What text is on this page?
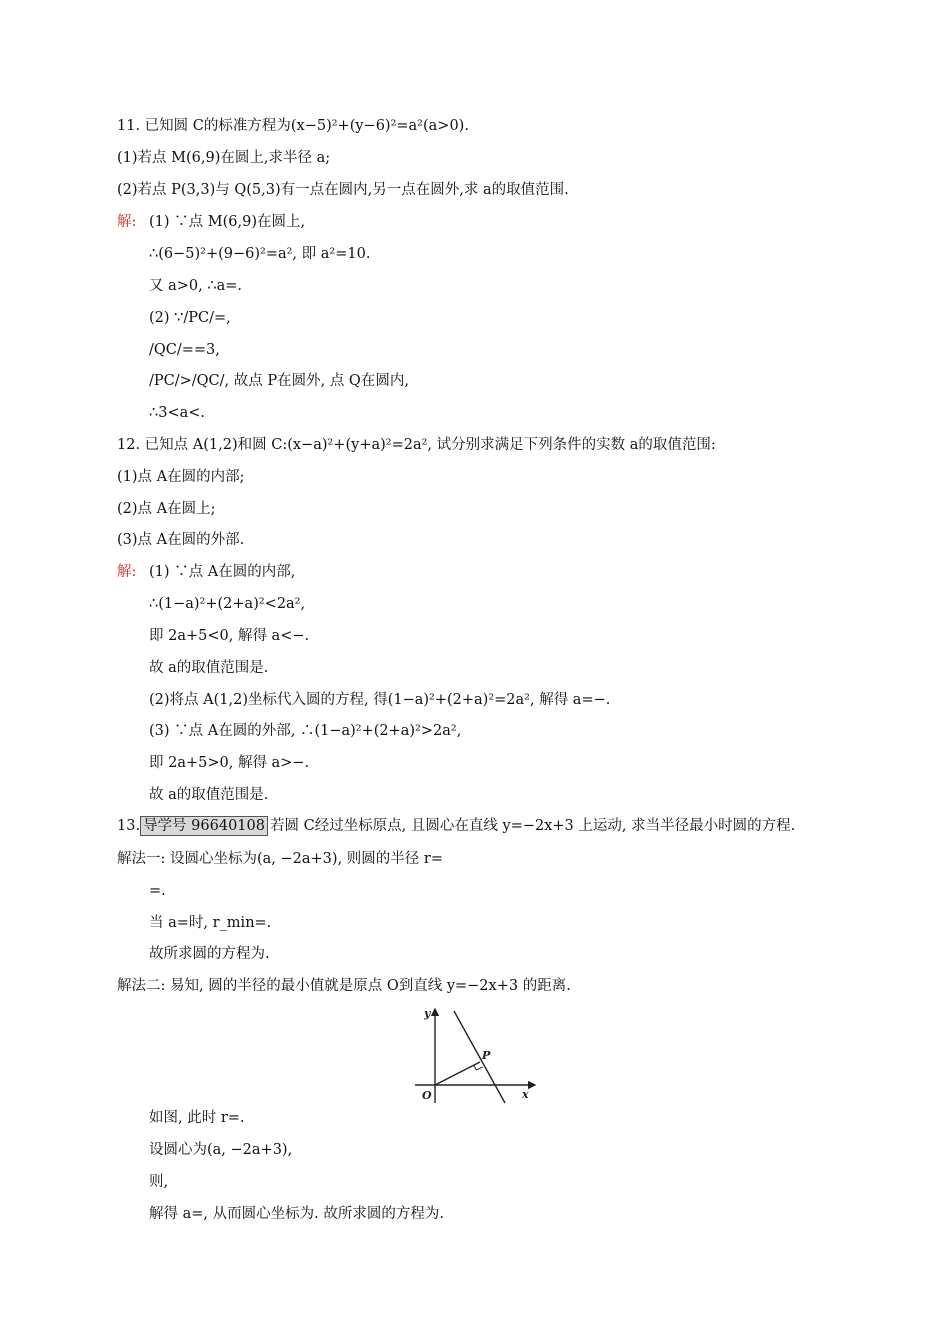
11. 已知圆 C的标准方程为(x−5)²+(y−6)²=a²(a>0).
(1)若点 M(6,9)在圆上,求半径 a;
(2)若点 P(3,3)与 Q(5,3)有一点在圆内,另一点在圆外,求 a的取值范围.
解: (1) ∵点 M(6,9)在圆上,
∴(6−5)²+(9−6)²=a², 即 a²=10.
又 a>0, ∴a=.
(2) ∵/PC/=,
/QC/==3,
/PC/>/QC/, 故点 P在圆外, 点 Q在圆内,
∴3<a<.
12. 已知点 A(1,2)和圆 C:(x−a)²+(y+a)²=2a², 试分别求满足下列条件的实数 a的取值范围:
(1)点 A在圆的内部;
(2)点 A在圆上;
(3)点 A在圆的外部.
解: (1) ∵点 A在圆的内部,
∴(1−a)²+(2+a)²<2a²,
即 2a+5<0, 解得 a<−.
故 a的取值范围是.
(2)将点 A(1,2)坐标代入圆的方程, 得(1−a)²+(2+a)²=2a², 解得 a=−.
(3) ∵点 A在圆的外部, ∴(1−a)²+(2+a)²>2a²,
即 2a+5>0, 解得 a>−.
故 a的取值范围是.
13. 导学号 96640108 若圆 C经过坐标原点, 且圆心在直线 y=−2x+3 上运动, 求当半径最小时圆的方程.
解法一: 设圆心坐标为(a, −2a+3), 则圆的半径 r=
=.
当 a=时, r_min=.
故所求圆的方程为.
解法二: 易知, 圆的半径的最小值就是原点 O到直线 y=−2x+3 的距离.
y
x
O
P
如图, 此时 r=.
设圆心为(a, −2a+3),
则,
解得 a=, 从而圆心坐标为. 故所求圆的方程为.
